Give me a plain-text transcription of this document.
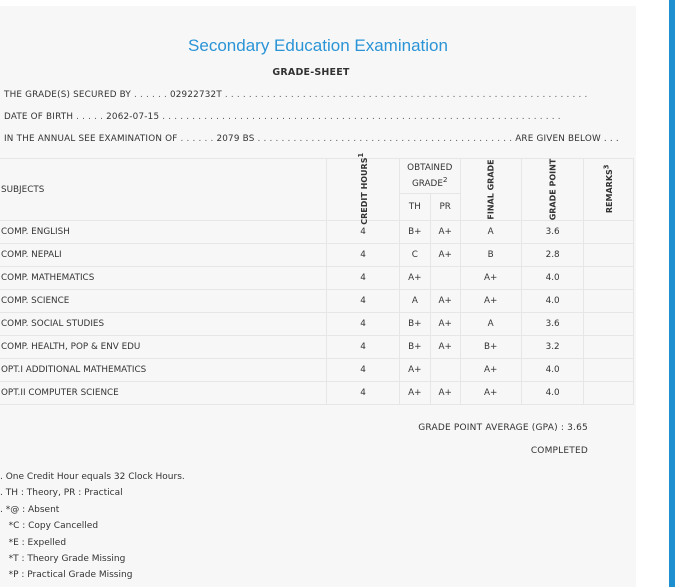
Secondary Education Examination
GRADE-SHEET
THE GRADE(S) SECURED BY . . . . . . 02922732T . . . . . . . . . . . . . . . . . . . . . . . . . . . . . . . . . . . . . . . . . . . . . . . . . . . . . . . . . . . . .
DATE OF BIRTH . . . . . 2062-07-15 . . . . . . . . . . . . . . . . . . . . . . . . . . . . . . . . . . . . . . . . . . . . . . . . . . . . . . . . . . . . . . . . . . .
IN THE ANNUAL SEE EXAMINATION OF . . . . . . 2079 BS . . . . . . . . . . . . . . . . . . . . . . . . . . . . . . . . . . . . . . . . . . . ARE GIVEN BELOW . . .
SUBJECTS	CREDIT HOURS$^1$	OBTAINED GRADE$^2$		FINAL GRADE	GRADE POINT	REMARKS$^3$
		TH	PR			
COMP. ENGLISH	4	B+	A+	A	3.6	
COMP. NEPALI	4	C	A+	B	2.8	
COMP. MATHEMATICS	4	A+		A+	4.0	
COMP. SCIENCE	4	A	A+	A+	4.0	
COMP. SOCIAL STUDIES	4	B+	A+	A	3.6	
COMP. HEALTH, POP & ENV EDU	4	B+	A+	B+	3.2	
OPT.I ADDITIONAL MATHEMATICS	4	A+		A+	4.0	
OPT.II COMPUTER SCIENCE	4	A+	A+	A+	4.0	
GRADE POINT AVERAGE (GPA) : 3.65
COMPLETED
. One Credit Hour equals 32 Clock Hours.
. TH : Theory, PR : Practical
. *@ : Absent
*C : Copy Cancelled
*E : Expelled
*T : Theory Grade Missing
*P : Practical Grade Missing
